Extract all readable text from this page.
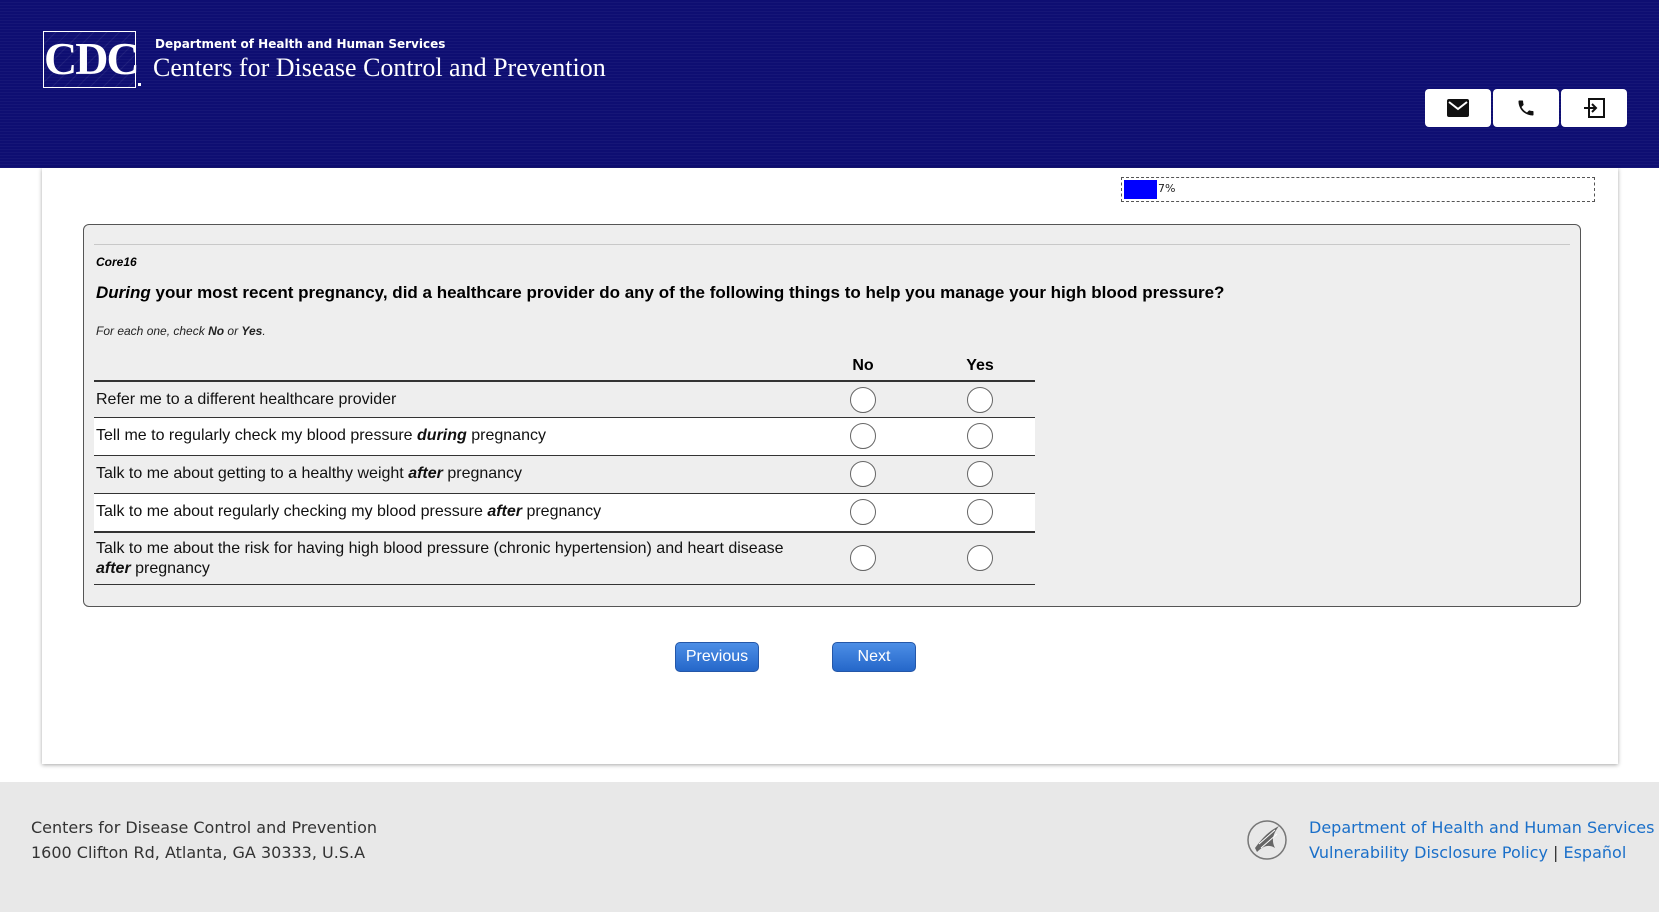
CDC Department of Health and Human Services
Centers for Disease Control and Prevention
7%
Core16
During your most recent pregnancy, did a healthcare provider do any of the following things to help you manage your high blood pressure?
For each one, check No or Yes.
No	Yes
Refer me to a different healthcare provider
Tell me to regularly check my blood pressure during pregnancy
Talk to me about getting to a healthy weight after pregnancy
Talk to me about regularly checking my blood pressure after pregnancy
Talk to me about the risk for having high blood pressure (chronic hypertension) and heart disease after pregnancy
Previous	Next
Centers for Disease Control and Prevention
1600 Clifton Rd, Atlanta, GA 30333, U.S.A
Department of Health and Human Services
Vulnerability Disclosure Policy | Español
